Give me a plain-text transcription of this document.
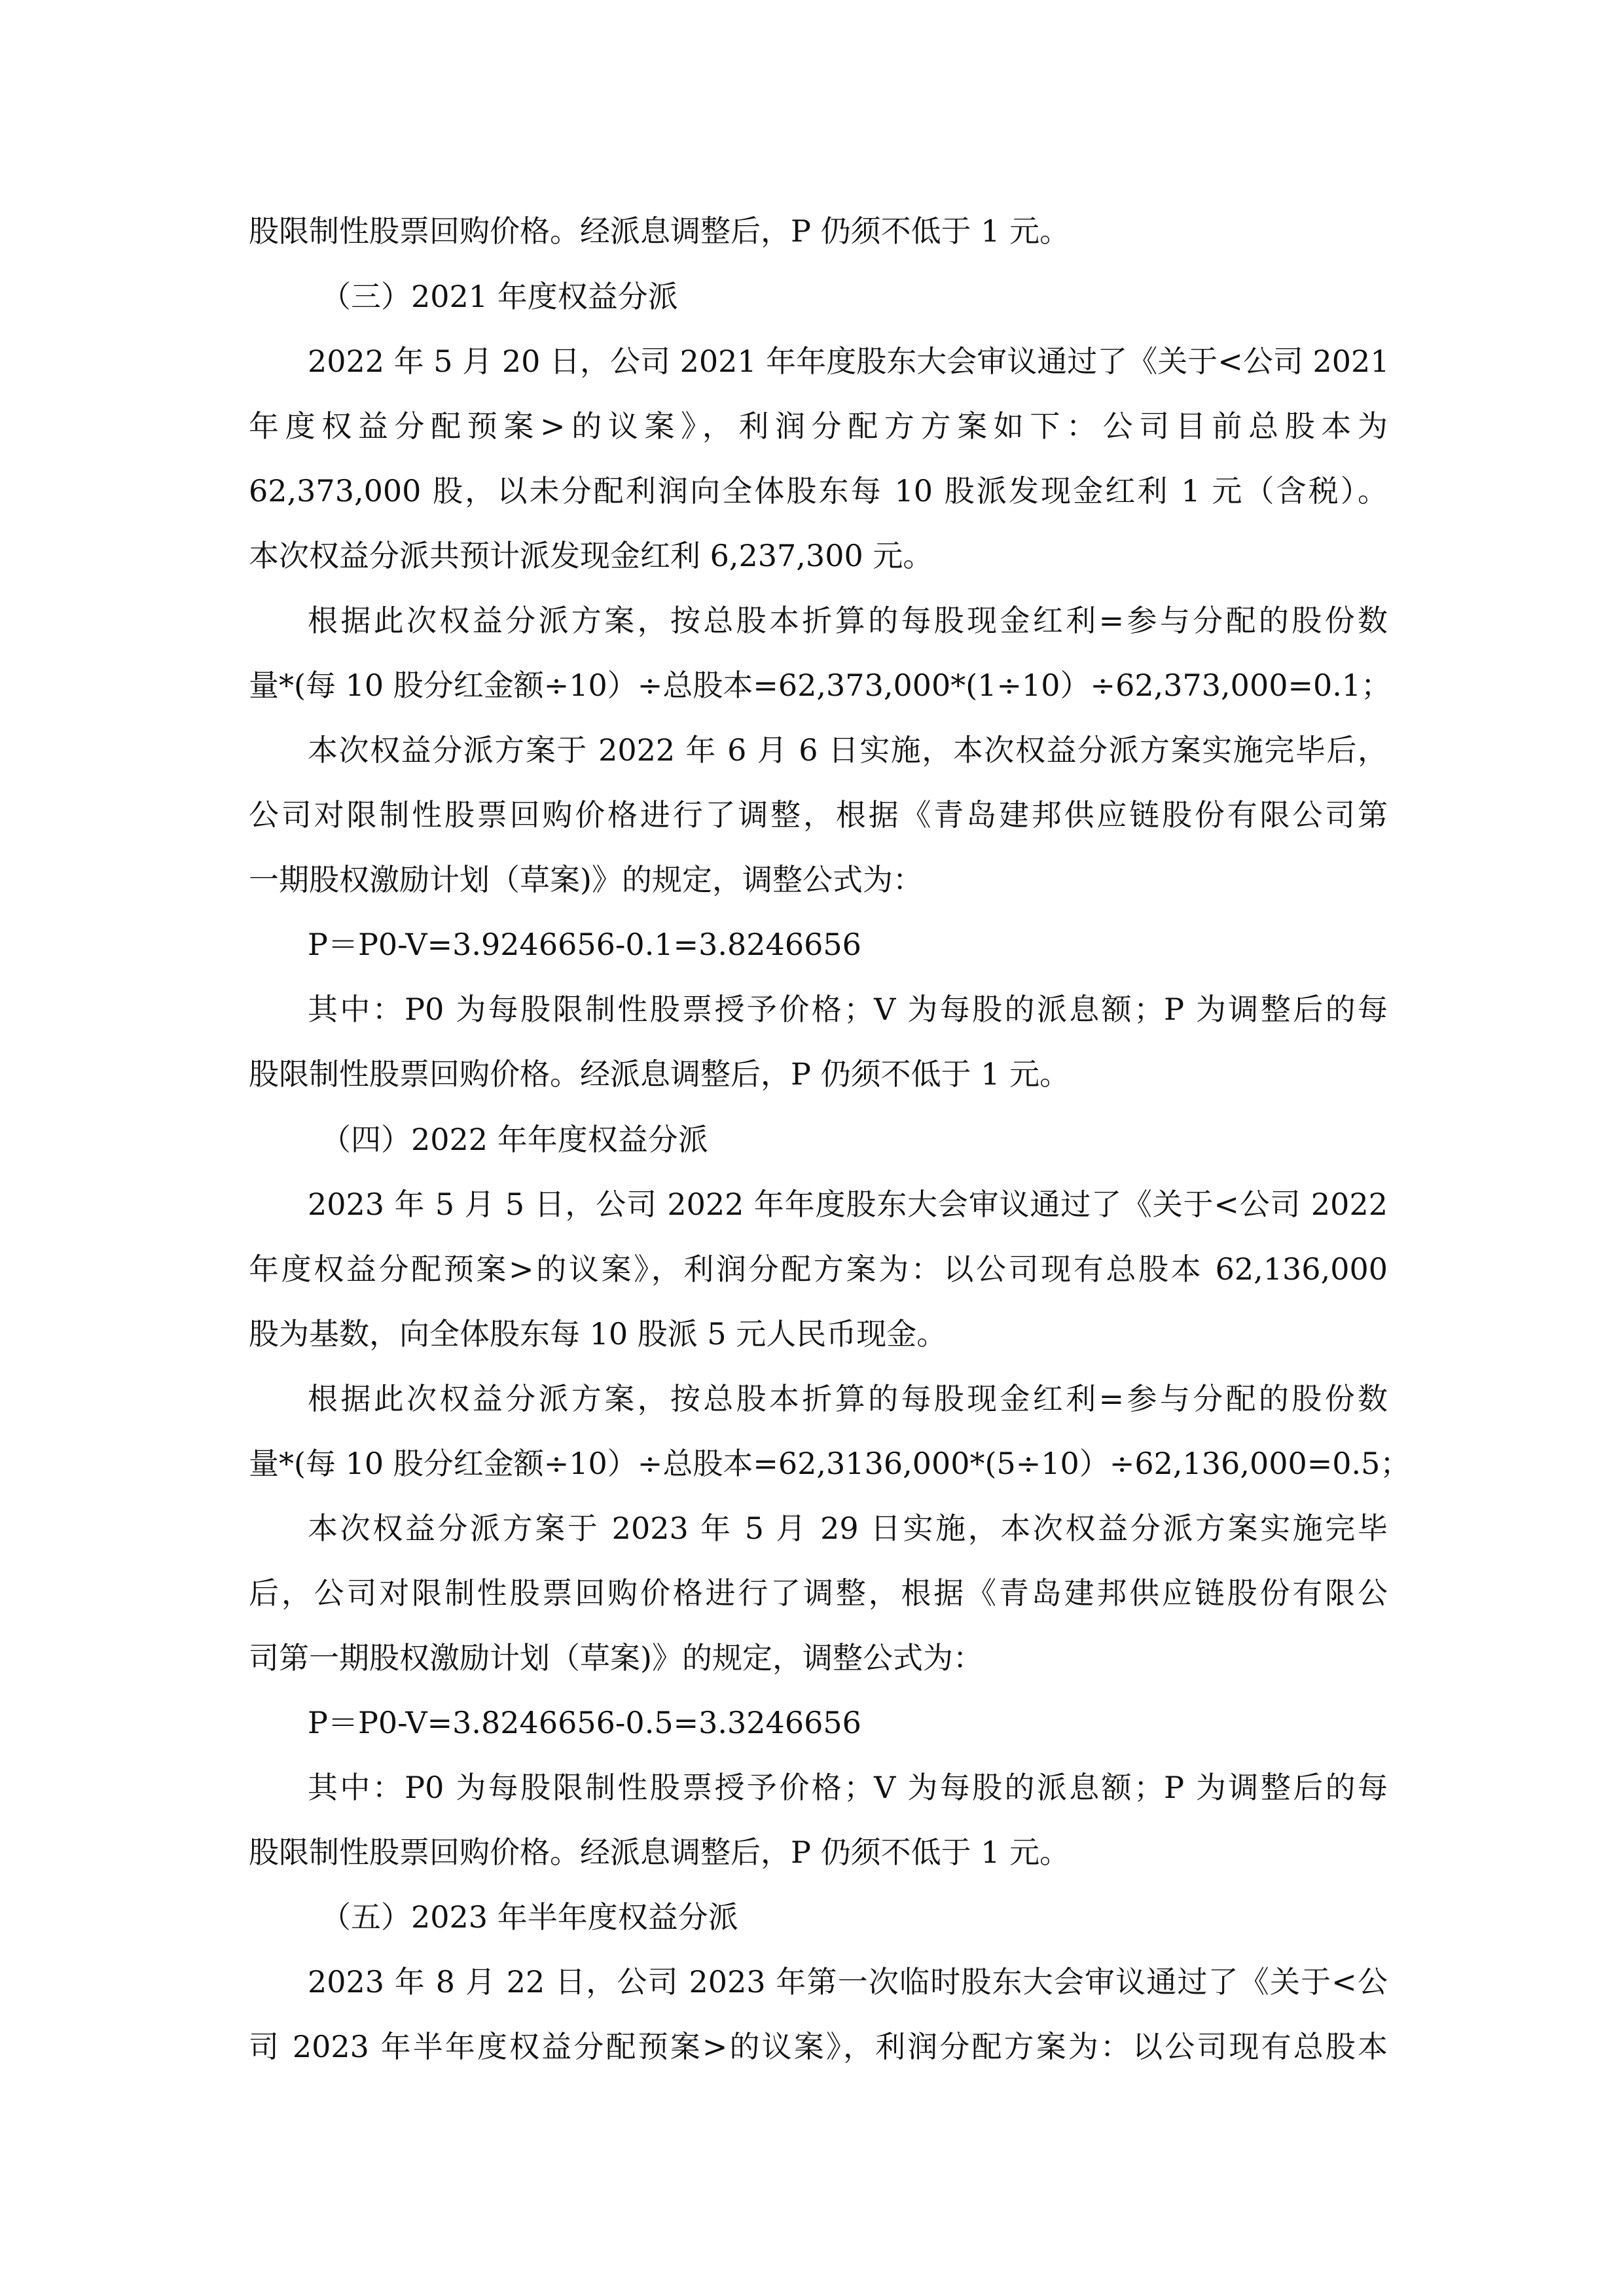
股限制性股票回购价格。经派息调整后，P 仍须不低于 1 元。
（三）2021 年度权益分派
2022 年 5 月 20 日，公司 2021 年年度股东大会审议通过了《关于<公司 2021
年度权益分配预案>的议案》，利润分配方方案如下：公司目前总股本为
62,373,000 股，以未分配利润向全体股东每 10 股派发现金红利 1 元（含税）。
本次权益分派共预计派发现金红利 6,237,300 元。
根据此次权益分派方案，按总股本折算的每股现金红利=参与分配的股份数
量*(每 10 股分红金额÷10）÷总股本=62,373,000*(1÷10）÷62,373,000=0.1；
本次权益分派方案于 2022 年 6 月 6 日实施，本次权益分派方案实施完毕后，
公司对限制性股票回购价格进行了调整，根据《青岛建邦供应链股份有限公司第
一期股权激励计划（草案)》的规定，调整公式为：
P＝P0-V=3.9246656-0.1=3.8246656
其中：P0 为每股限制性股票授予价格；V 为每股的派息额；P 为调整后的每
股限制性股票回购价格。经派息调整后，P 仍须不低于 1 元。
（四）2022 年年度权益分派
2023 年 5 月 5 日，公司 2022 年年度股东大会审议通过了《关于<公司 2022
年度权益分配预案>的议案》，利润分配方案为：以公司现有总股本 62,136,000
股为基数，向全体股东每 10 股派 5 元人民币现金。
根据此次权益分派方案，按总股本折算的每股现金红利=参与分配的股份数
量*(每 10 股分红金额÷10）÷总股本=62,3136,000*(5÷10）÷62,136,000=0.5；
本次权益分派方案于 2023 年 5 月 29 日实施，本次权益分派方案实施完毕
后，公司对限制性股票回购价格进行了调整，根据《青岛建邦供应链股份有限公
司第一期股权激励计划（草案)》的规定，调整公式为：
P＝P0-V=3.8246656-0.5=3.3246656
其中：P0 为每股限制性股票授予价格；V 为每股的派息额；P 为调整后的每
股限制性股票回购价格。经派息调整后，P 仍须不低于 1 元。
（五）2023 年半年度权益分派
2023 年 8 月 22 日，公司 2023 年第一次临时股东大会审议通过了《关于<公
司 2023 年半年度权益分配预案>的议案》，利润分配方案为：以公司现有总股本
